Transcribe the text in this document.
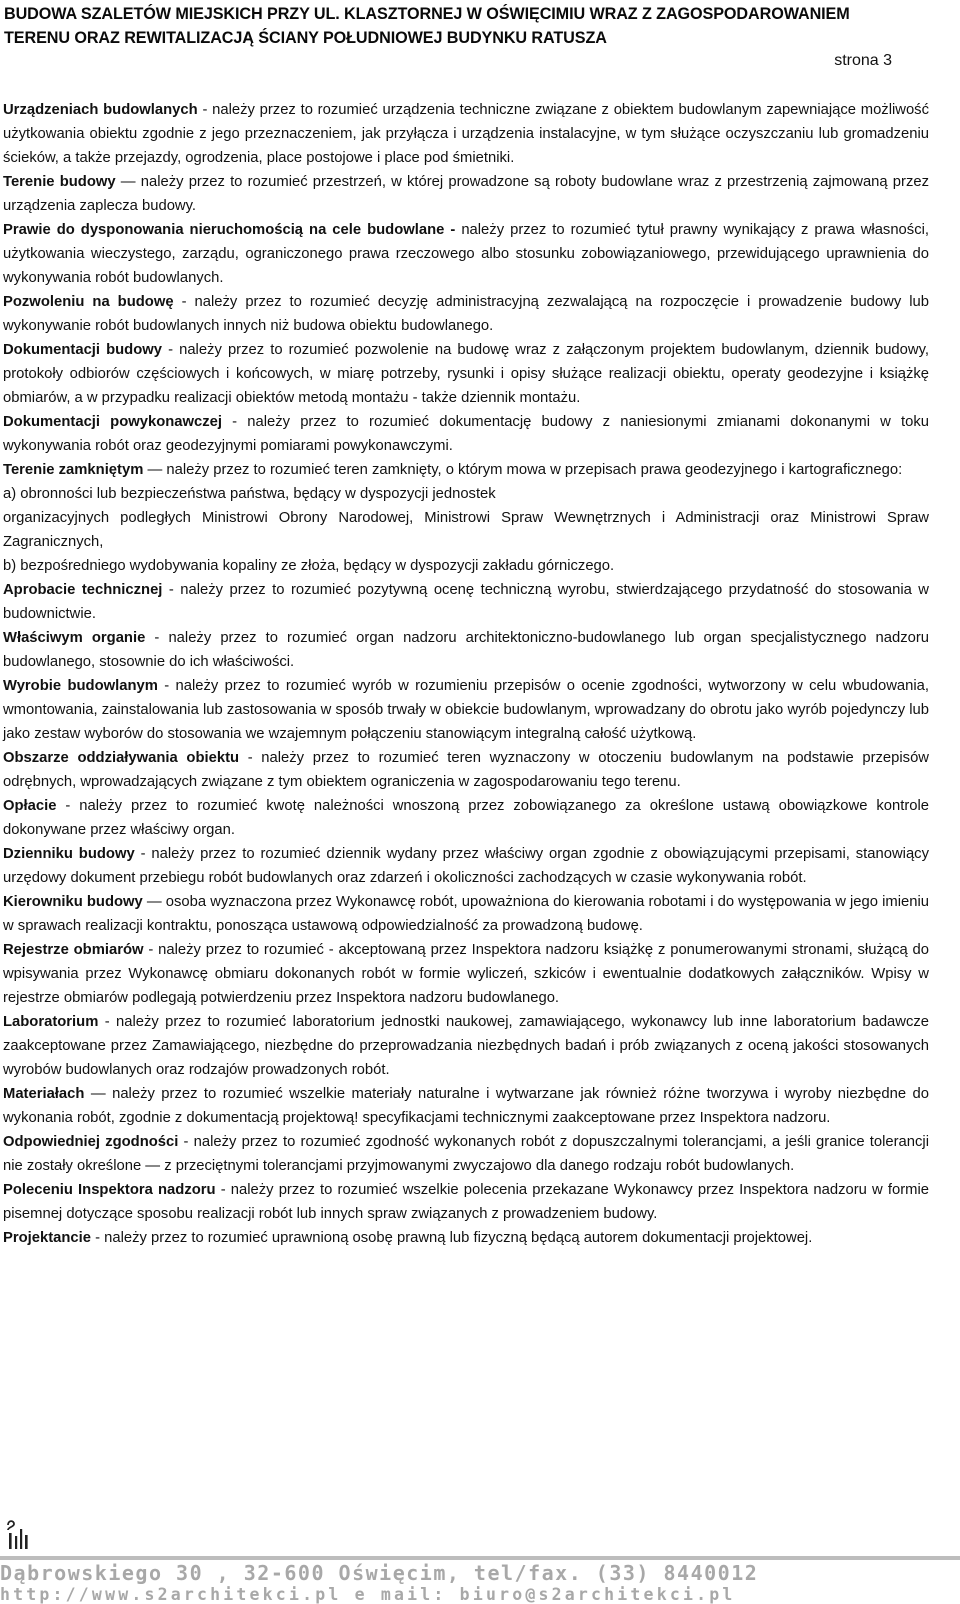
BUDOWA SZALETÓW MIEJSKICH PRZY UL. KLASZTORNEJ W OŚWIĘCIMIU WRAZ Z ZAGOSPODAROWANIEM
TERENU ORAZ REWITALIZACJĄ ŚCIANY POŁUDNIOWEJ BUDYNKU RATUSZA
strona 3

Urządzeniach budowlanych - należy przez to rozumieć urządzenia techniczne związane z obiektem budowlanym zapewniające możliwość użytkowania obiektu zgodnie z jego przeznaczeniem, jak przyłącza i urządzenia instalacyjne, w tym służące oczyszczaniu lub gromadzeniu ścieków, a także przejazdy, ogrodzenia, place postojowe i place pod śmietniki.

Terenie budowy — należy przez to rozumieć przestrzeń, w której prowadzone są roboty budowlane wraz z przestrzenią zajmowaną przez urządzenia zaplecza budowy.

Prawie do dysponowania nieruchomością na cele budowlane - należy przez to rozumieć tytuł prawny wynikający z prawa własności, użytkowania wieczystego, zarządu, ograniczonego prawa rzeczowego albo stosunku zobowiązaniowego, przewidującego uprawnienia do wykonywania robót budowlanych.

Pozwoleniu na budowę - należy przez to rozumieć decyzję administracyjną zezwalającą na rozpoczęcie i prowadzenie budowy lub wykonywanie robót budowlanych innych niż budowa obiektu budowlanego.

Dokumentacji budowy - należy przez to rozumieć pozwolenie na budowę wraz z załączonym projektem budowlanym, dziennik budowy, protokoły odbiorów częściowych i końcowych, w miarę potrzeby, rysunki i opisy służące realizacji obiektu, operaty geodezyjne i książkę obmiarów, a w przypadku realizacji obiektów metodą montażu - także dziennik montażu.

Dokumentacji powykonawczej - należy przez to rozumieć dokumentację budowy z naniesionymi zmianami dokonanymi w toku wykonywania robót oraz geodezyjnymi pomiarami powykonawczymi.

Terenie zamkniętym — należy przez to rozumieć teren zamknięty, o którym mowa w przepisach prawa geodezyjnego i kartograficznego:

a) obronności lub bezpieczeństwa państwa, będący w dyspozycji jednostek

organizacyjnych podległych Ministrowi Obrony Narodowej, Ministrowi Spraw Wewnętrznych i Administracji oraz Ministrowi Spraw Zagranicznych,

b) bezpośredniego wydobywania kopaliny ze złoża, będący w dyspozycji zakładu górniczego.

Aprobacie technicznej - należy przez to rozumieć pozytywną ocenę techniczną wyrobu, stwierdzającego przydatność do stosowania w budownictwie.

Właściwym organie - należy przez to rozumieć organ nadzoru architektoniczno-budowlanego lub organ specjalistycznego nadzoru budowlanego, stosownie do ich właściwości.

Wyrobie budowlanym - należy przez to rozumieć wyrób w rozumieniu przepisów o ocenie zgodności, wytworzony w celu wbudowania, wmontowania, zainstalowania lub zastosowania w sposób trwały w obiekcie budowlanym, wprowadzany do obrotu jako wyrób pojedynczy lub jako zestaw wyborów do stosowania we wzajemnym połączeniu stanowiącym integralną całość użytkową.

Obszarze oddziaływania obiektu - należy przez to rozumieć teren wyznaczony w otoczeniu budowlanym na podstawie przepisów odrębnych, wprowadzających związane z tym obiektem ograniczenia w zagospodarowaniu tego terenu.

Opłacie - należy przez to rozumieć kwotę należności wnoszoną przez zobowiązanego za określone ustawą obowiązkowe kontrole dokonywane przez właściwy organ.

Dzienniku budowy - należy przez to rozumieć dziennik wydany przez właściwy organ zgodnie z obowiązującymi przepisami, stanowiący urzędowy dokument przebiegu robót budowlanych oraz zdarzeń i okoliczności zachodzących w czasie wykonywania robót.

Kierowniku budowy — osoba wyznaczona przez Wykonawcę robót, upoważniona do kierowania robotami i do występowania w jego imieniu w sprawach realizacji kontraktu, ponosząca ustawową odpowiedzialność za prowadzoną budowę.

Rejestrze obmiarów - należy przez to rozumieć - akceptowaną przez Inspektora nadzoru książkę z ponumerowanymi stronami, służącą do wpisywania przez Wykonawcę obmiaru dokonanych robót w formie wyliczeń, szkiców i ewentualnie dodatkowych załączników. Wpisy w rejestrze obmiarów podlegają potwierdzeniu przez Inspektora nadzoru budowlanego.

Laboratorium - należy przez to rozumieć laboratorium jednostki naukowej, zamawiającego, wykonawcy lub inne laboratorium badawcze zaakceptowane przez Zamawiającego, niezbędne do przeprowadzania niezbędnych badań i prób związanych z oceną jakości stosowanych wyrobów budowlanych oraz rodzajów prowadzonych robót.

Materiałach — należy przez to rozumieć wszelkie materiały naturalne i wytwarzane jak również różne tworzywa i wyroby niezbędne do wykonania robót, zgodnie z dokumentacją projektową! specyfikacjami technicznymi zaakceptowane przez Inspektora nadzoru.

Odpowiedniej zgodności - należy przez to rozumieć zgodność wykonanych robót z dopuszczalnymi tolerancjami, a jeśli granice tolerancji nie zostały określone — z przeciętnymi tolerancjami przyjmowanymi zwyczajowo dla danego rodzaju robót budowlanych.

Poleceniu Inspektora nadzoru - należy przez to rozumieć wszelkie polecenia przekazane Wykonawcy przez Inspektora nadzoru w formie pisemnej dotyczące sposobu realizacji robót lub innych spraw związanych z prowadzeniem budowy.

Projektancie - należy przez to rozumieć uprawnioną osobę prawną lub fizyczną będącą autorem dokumentacji projektowej.

Dąbrowskiego 30 , 32-600 Oświęcim, tel/fax. (33) 8440012
http://www.s2architekci.pl e mail: biuro@s2architekci.pl
